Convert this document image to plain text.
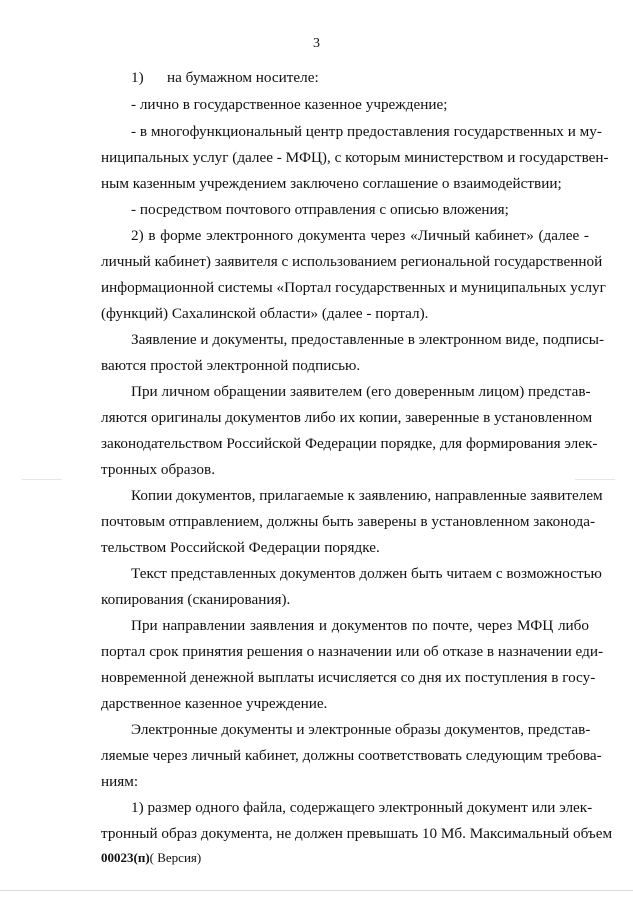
3
1) на бумажном носителе:
- лично в государственное казенное учреждение;
- в многофункциональный центр предоставления государственных и му-
ниципальных услуг (далее - МФЦ), с которым министерством и государствен-
ным казенным учреждением заключено соглашение о взаимодействии;
- посредством почтового отправления с описью вложения;
2) в форме электронного документа через «Личный кабинет» (далее -
личный кабинет) заявителя с использованием региональной государственной
информационной системы «Портал государственных и муниципальных услуг
(функций) Сахалинской области» (далее - портал).
Заявление и документы, предоставленные в электронном виде, подписы-
ваются простой электронной подписью.
При личном обращении заявителем (его доверенным лицом) представ-
ляются оригиналы документов либо их копии, заверенные в установленном
законодательством Российской Федерации порядке, для формирования элек-
тронных образов.
Копии документов, прилагаемые к заявлению, направленные заявителем
почтовым отправлением, должны быть заверены в установленном законода-
тельством Российской Федерации порядке.
Текст представленных документов должен быть читаем с возможностью
копирования (сканирования).
При направлении заявления и документов по почте, через МФЦ либо
портал срок принятия решения о назначении или об отказе в назначении еди-
новременной денежной выплаты исчисляется со дня их поступления в госу-
дарственное казенное учреждение.
Электронные документы и электронные образы документов, представ-
ляемые через личный кабинет, должны соответствовать следующим требова-
ниям:
1) размер одного файла, содержащего электронный документ или элек-
тронный образ документа, не должен превышать 10 Мб. Максимальный объем
00023(п)( Версия)
